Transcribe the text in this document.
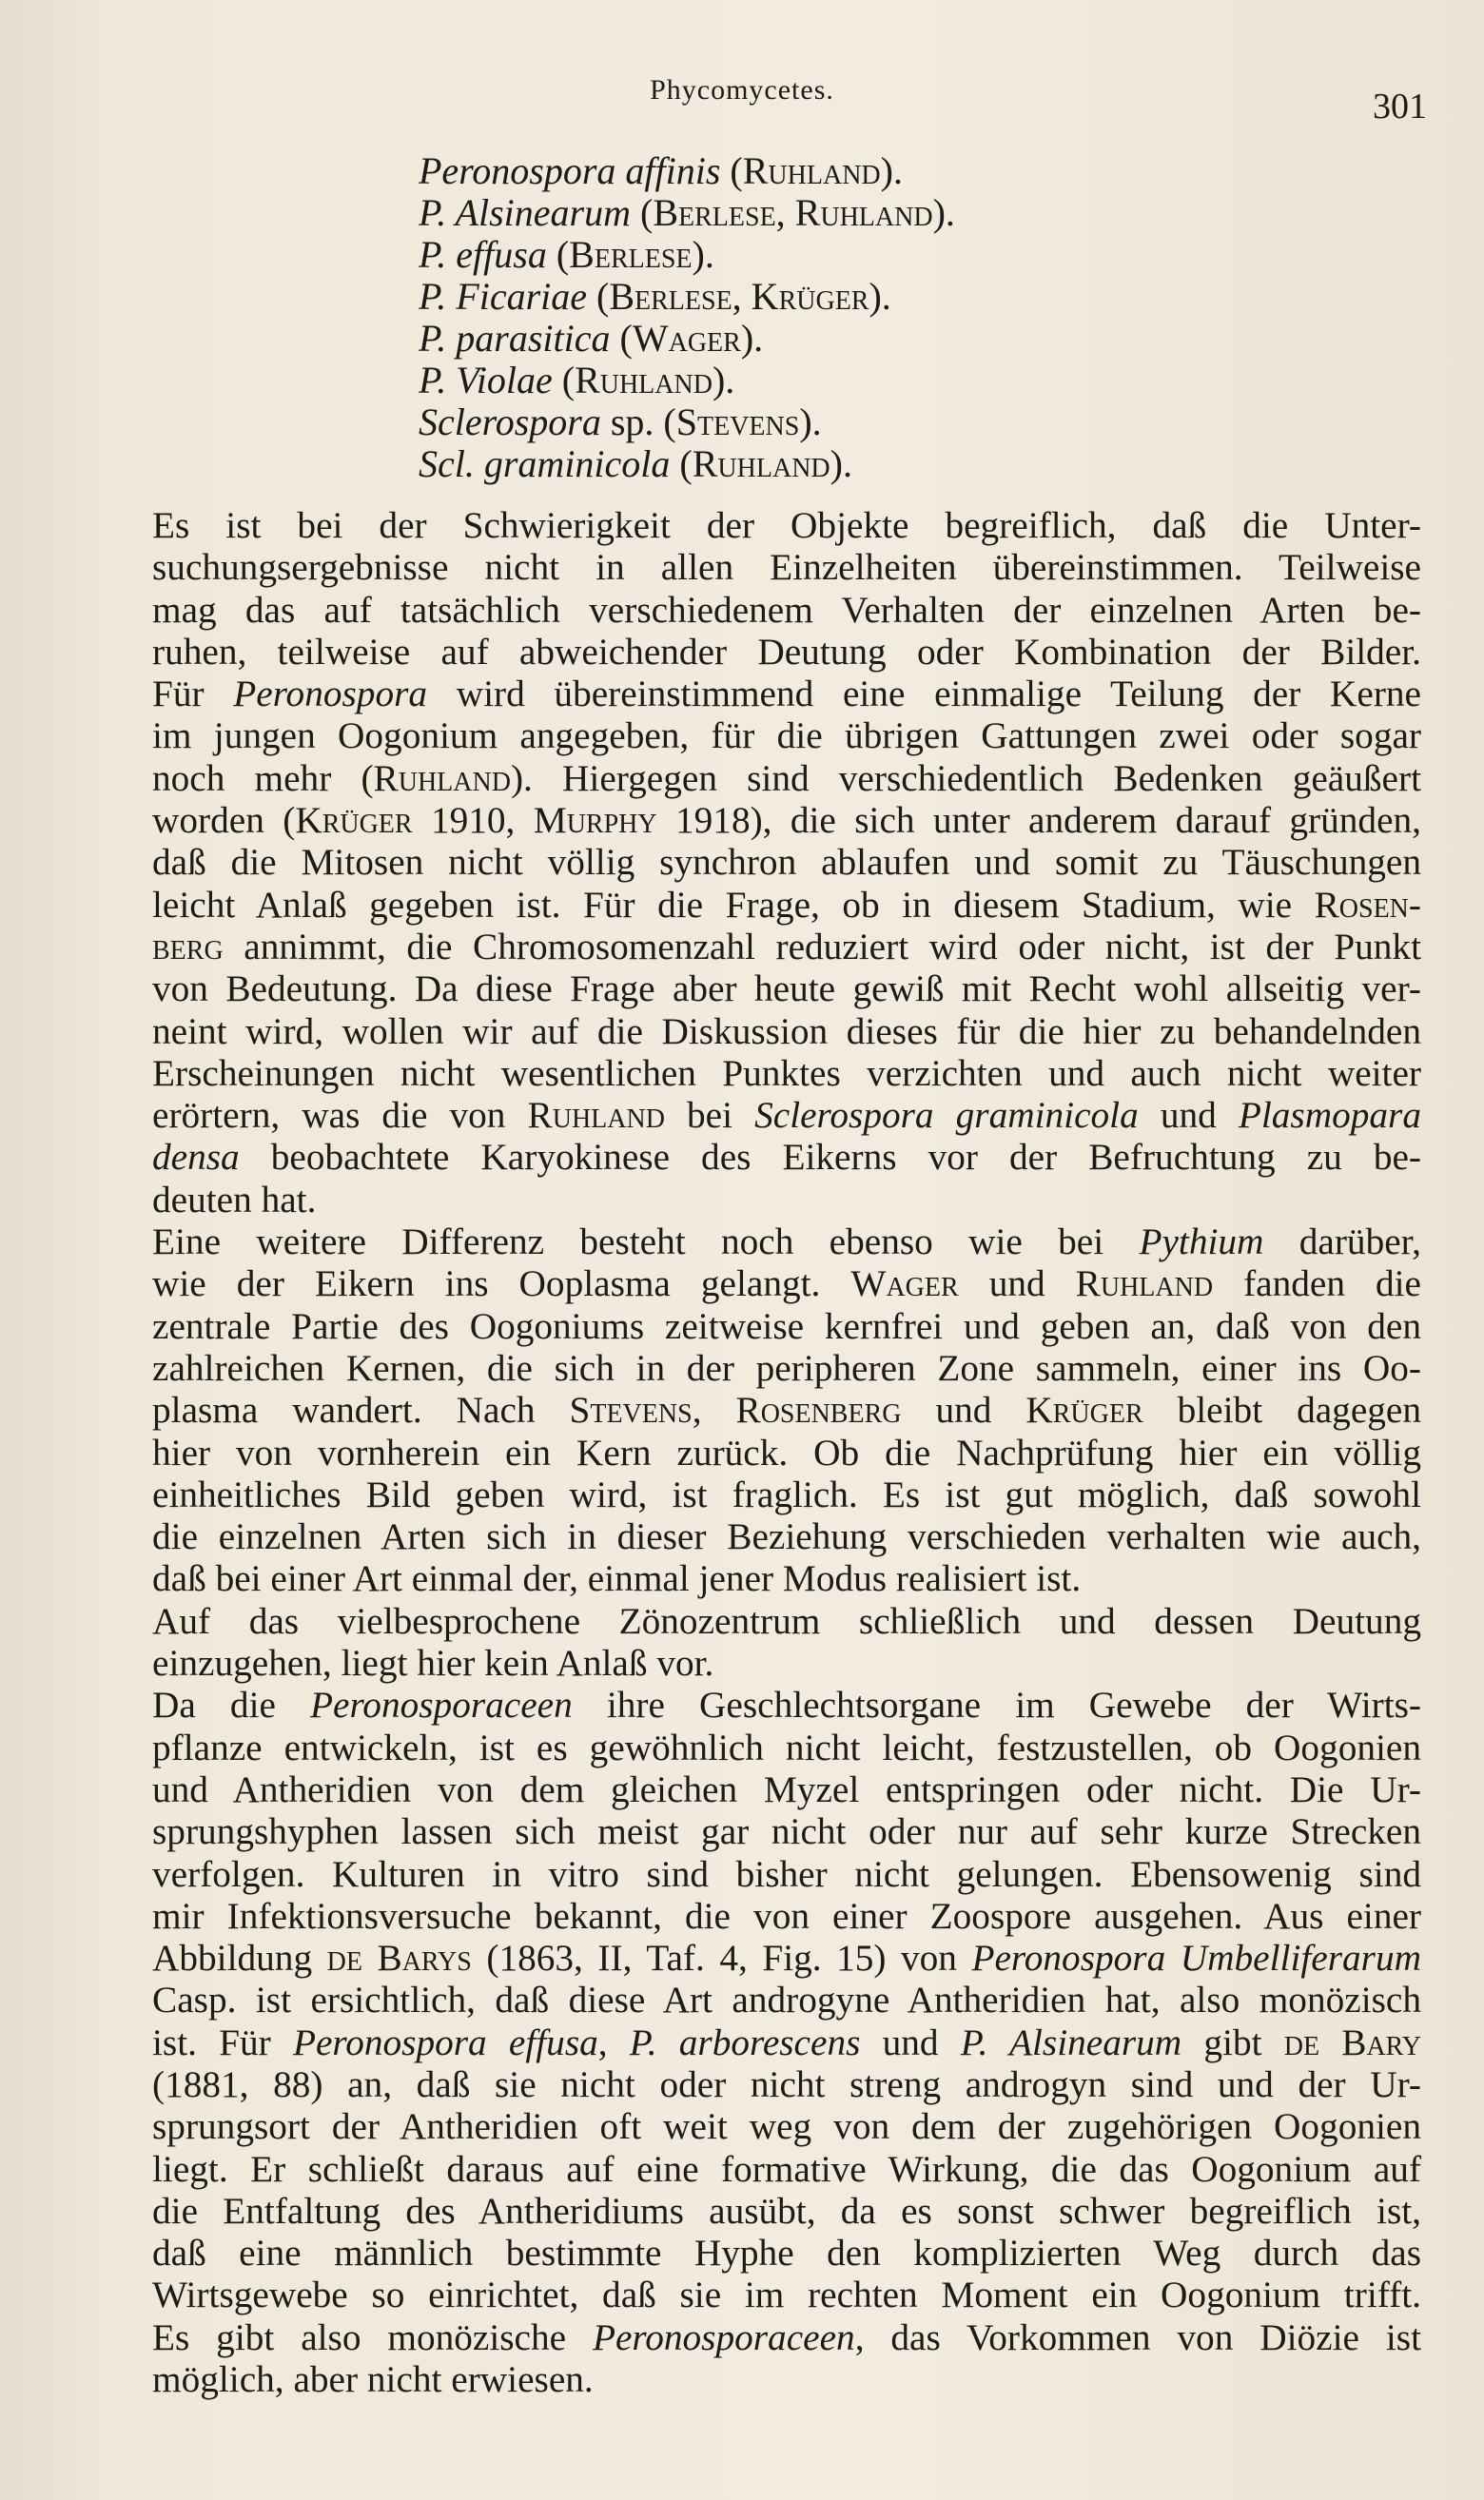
Phycomycetes.	301

Peronospora affinis (Ruhland).

P. Alsinearum (Berlese, Ruhland).

P. effusa (Berlese).

P. Ficariae (Berlese, Krüger).

P. parasitica (Wager).

P. Violae (Ruhland).

Sclerospora sp. (Stevens).

Scl. graminicola (Ruhland).

Es ist bei der Schwierigkeit der Objekte begreiflich, daß die Unter-
suchungsergebnisse nicht in allen Einzelheiten übereinstimmen. Teilweise
mag das auf tatsächlich verschiedenem Verhalten der einzelnen Arten be-
ruhen, teilweise auf abweichender Deutung oder Kombination der Bilder.
Für Peronospora wird übereinstimmend eine einmalige Teilung der Kerne
im jungen Oogonium angegeben, für die übrigen Gattungen zwei oder sogar
noch mehr (Ruhland). Hiergegen sind verschiedentlich Bedenken geäußert
worden (Krüger 1910, Murphy 1918), die sich unter anderem darauf gründen,
daß die Mitosen nicht völlig synchron ablaufen und somit zu Täuschungen
leicht Anlaß gegeben ist. Für die Frage, ob in diesem Stadium, wie Rosen-
berg annimmt, die Chromosomenzahl reduziert wird oder nicht, ist der Punkt
von Bedeutung. Da diese Frage aber heute gewiß mit Recht wohl allseitig ver-
neint wird, wollen wir auf die Diskussion dieses für die hier zu behandelnden
Erscheinungen nicht wesentlichen Punktes verzichten und auch nicht weiter
erörtern, was die von Ruhland bei Sclerospora graminicola und Plasmopara
densa beobachtete Karyokinese des Eikerns vor der Befruchtung zu be-
deuten hat.

Eine weitere Differenz besteht noch ebenso wie bei Pythium darüber,
wie der Eikern ins Ooplasma gelangt. Wager und Ruhland fanden die
zentrale Partie des Oogoniums zeitweise kernfrei und geben an, daß von den
zahlreichen Kernen, die sich in der peripheren Zone sammeln, einer ins Oo-
plasma wandert. Nach Stevens, Rosenberg und Krüger bleibt dagegen
hier von vornherein ein Kern zurück. Ob die Nachprüfung hier ein völlig
einheitliches Bild geben wird, ist fraglich. Es ist gut möglich, daß sowohl
die einzelnen Arten sich in dieser Beziehung verschieden verhalten wie auch,
daß bei einer Art einmal der, einmal jener Modus realisiert ist.

Auf das vielbesprochene Zönozentrum schließlich und dessen Deutung
einzugehen, liegt hier kein Anlaß vor.

Da die Peronosporaceen ihre Geschlechtsorgane im Gewebe der Wirts-
pflanze entwickeln, ist es gewöhnlich nicht leicht, festzustellen, ob Oogonien
und Antheridien von dem gleichen Myzel entspringen oder nicht. Die Ur-
sprungshyphen lassen sich meist gar nicht oder nur auf sehr kurze Strecken
verfolgen. Kulturen in vitro sind bisher nicht gelungen. Ebensowenig sind
mir Infektionsversuche bekannt, die von einer Zoospore ausgehen. Aus einer
Abbildung de Barys (1863, II, Taf. 4, Fig. 15) von Peronospora Umbelliferarum
Casp. ist ersichtlich, daß diese Art androgyne Antheridien hat, also monözisch
ist. Für Peronospora effusa, P. arborescens und P. Alsinearum gibt de Bary
(1881, 88) an, daß sie nicht oder nicht streng androgyn sind und der Ur-
sprungsort der Antheridien oft weit weg von dem der zugehörigen Oogonien
liegt. Er schließt daraus auf eine formative Wirkung, die das Oogonium auf
die Entfaltung des Antheridiums ausübt, da es sonst schwer begreiflich ist,
daß eine männlich bestimmte Hyphe den komplizierten Weg durch das
Wirtsgewebe so einrichtet, daß sie im rechten Moment ein Oogonium trifft.
Es gibt also monözische Peronosporaceen, das Vorkommen von Diözie ist
möglich, aber nicht erwiesen.
